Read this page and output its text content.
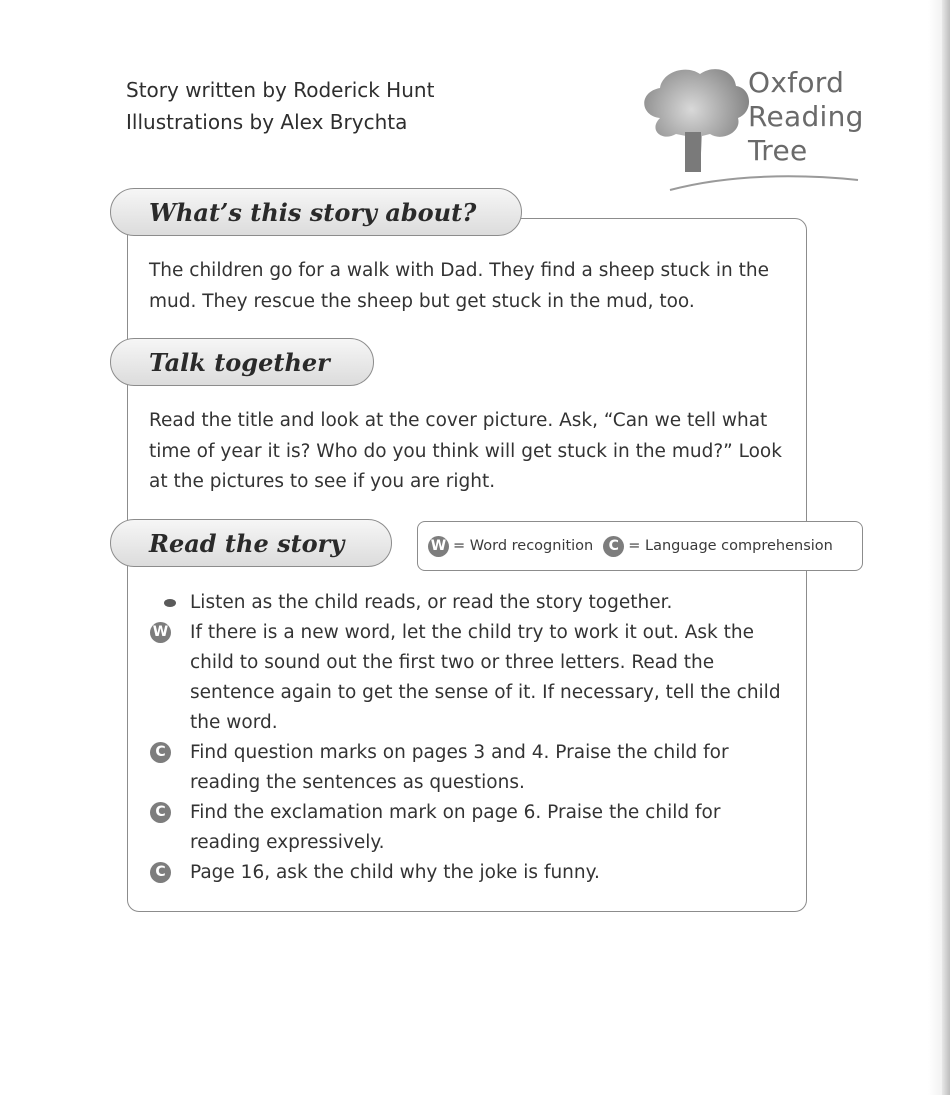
Story written by Roderick Hunt
Illustrations by Alex Brychta
Oxford
Reading
Tree
What’s this story about?
The children go for a walk with Dad. They find a sheep stuck in the mud. They rescue the sheep but get stuck in the mud, too.
Talk together
Read the title and look at the cover picture. Ask, “Can we tell what time of year it is? Who do you think will get stuck in the mud?” Look at the pictures to see if you are right.
Read the story	W = Word recognition	C = Language comprehension
Listen as the child reads, or read the story together.
W If there is a new word, let the child try to work it out. Ask the child to sound out the first two or three letters. Read the sentence again to get the sense of it. If necessary, tell the child the word.
C Find question marks on pages 3 and 4. Praise the child for reading the sentences as questions.
C Find the exclamation mark on page 6. Praise the child for reading expressively.
C Page 16, ask the child why the joke is funny.
